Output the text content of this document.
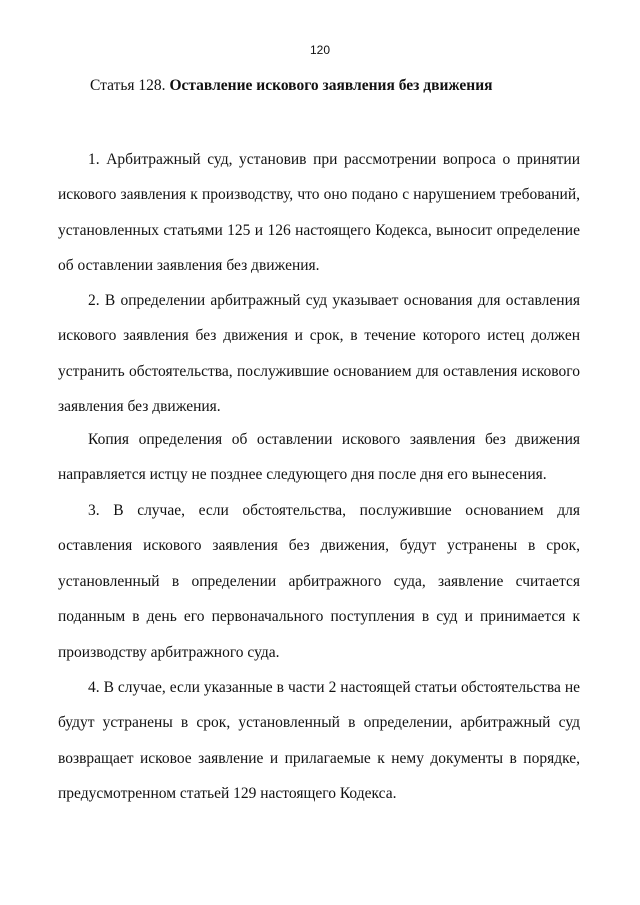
120
Статья 128. Оставление искового заявления без движения
1. Арбитражный суд, установив при рассмотрении вопроса о принятии
искового заявления к производству, что оно подано с нарушением требований,
установленных статьями 125 и 126 настоящего Кодекса, выносит определение
об оставлении заявления без движения.
2. В определении арбитражный суд указывает основания для оставления
искового заявления без движения и срок, в течение которого истец должен
устранить обстоятельства, послужившие основанием для оставления искового
заявления без движения.
Копия определения об оставлении искового заявления без движения
направляется истцу не позднее следующего дня после дня его вынесения.
3. В случае, если обстоятельства, послужившие основанием для
оставления искового заявления без движения, будут устранены в срок,
установленный в определении арбитражного суда, заявление считается
поданным в день его первоначального поступления в суд и принимается к
производству арбитражного суда.
4. В случае, если указанные в части 2 настоящей статьи обстоятельства не
будут устранены в срок, установленный в определении, арбитражный суд
возвращает исковое заявление и прилагаемые к нему документы в порядке,
предусмотренном статьей 129 настоящего Кодекса.
